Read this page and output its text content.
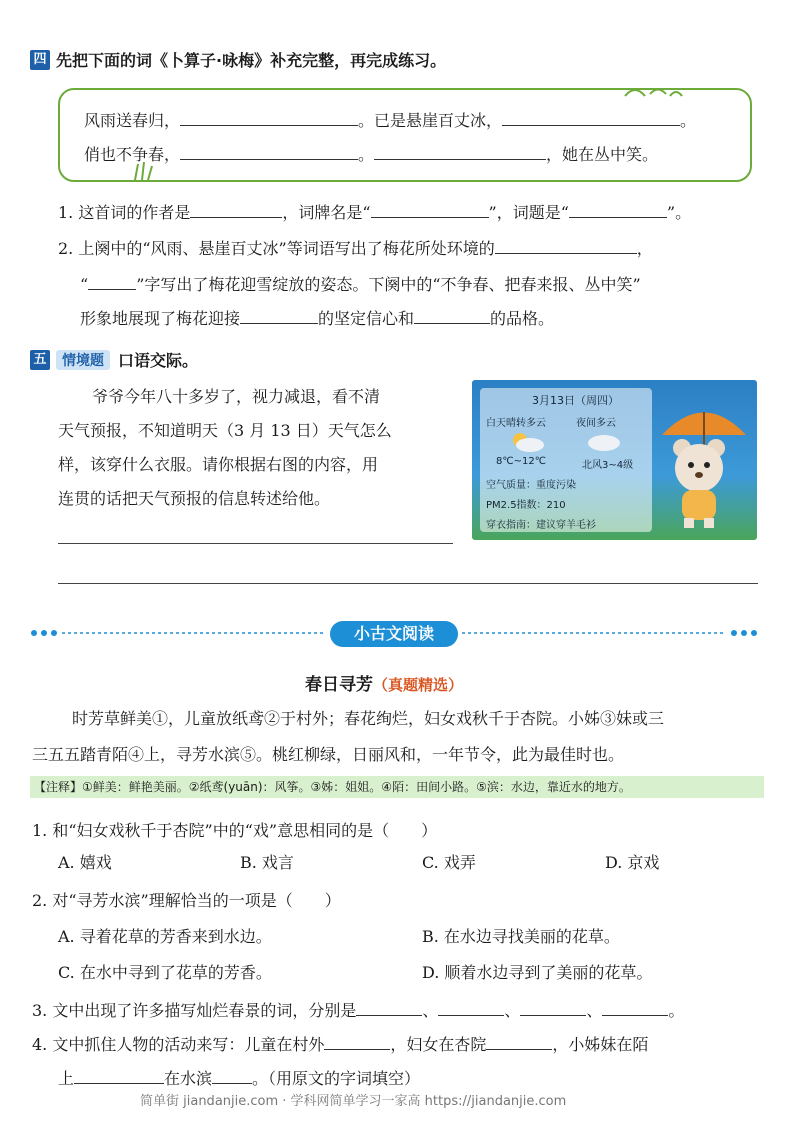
四 先把下面的词《卜算子·咏梅》补充完整，再完成练习。
风雨送春归，	。已是悬崖百丈冰，	。
俏也不争春，	。	，她在丛中笑。
1. 这首词的作者是	，词牌名是“	”，词题是“	”。
2. 上阕中的“风雨、悬崖百丈冰”等词语写出了梅花所处环境的	，
“	”字写出了梅花迎雪绽放的姿态。下阕中的“不争春、把春来报、丛中笑”
形象地展现了梅花迎接	的坚定信心和	的品格。
五	情境题 口语交际。
爷爷今年八十多岁了，视力减退，看不清
天气预报，不知道明天（3 月 13 日）天气怎么
样，该穿什么衣服。请你根据右图的内容，用
连贯的话把天气预报的信息转述给他。
3月13日（周四）
白天晴转多云	夜间多云
8℃~12℃	北风3~4级
空气质量：重度污染
PM2.5指数：210
穿衣指南：建议穿羊毛衫
小古文阅读
春日寻芳（真题精选）
时芳草鲜美①，儿童放纸鸢②于村外；春花绚烂，妇女戏秋千于杏院。小姊③妹或三
三五五踏青陌④上，寻芳水滨⑤。桃红柳绿，日丽风和，一年节令，此为最佳时也。
【注释】①鲜美：鲜艳美丽。②纸鸢(yuān)：风筝。③姊：姐姐。④陌：田间小路。⑤滨：水边，靠近水的地方。
1. 和“妇女戏秋千于杏院”中的“戏”意思相同的是（　　）
A. 嬉戏	B. 戏言	C. 戏弄	D. 京戏
2. 对“寻芳水滨”理解恰当的一项是（　　）
A. 寻着花草的芳香来到水边。	B. 在水边寻找美丽的花草。
C. 在水中寻到了花草的芳香。	D. 顺着水边寻到了美丽的花草。
3. 文中出现了许多描写灿烂春景的词，分别是	、	、	、	。
4. 文中抓住人物的活动来写：儿童在村外	，妇女在杏院	，小姊妹在陌
上	在水滨	。（用原文的字词填空）
简单街 jiandanjie.com · 学科网简单学习一家高 https://jiandanjie.com
